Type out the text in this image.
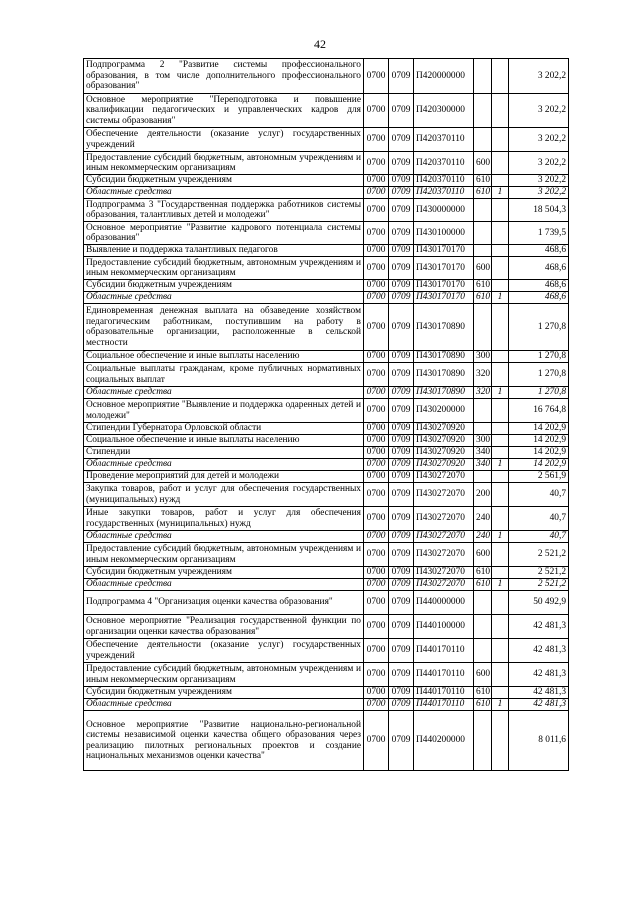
42
Подпрограмма 2 "Развитие системы профессионального образования, в том числе дополнительного профессионального образования"	0700	0709	П420000000			3 202,2
Основное мероприятие "Переподготовка и повышение квалификации педагогических и управленческих кадров для системы образования"	0700	0709	П420300000			3 202,2
Обеспечение деятельности (оказание услуг) государственных учреждений	0700	0709	П420370110			3 202,2
Предоставление субсидий бюджетным, автономным учреждениям и иным некоммерческим организациям	0700	0709	П420370110	600		3 202,2
Субсидии бюджетным учреждениям	0700	0709	П420370110	610		3 202,2
Областные средства	0700	0709	П420370110	610	1	3 202,2
Подпрограмма 3 "Государственная поддержка работников системы образования, талантливых детей и молодежи"	0700	0709	П430000000			18 504,3
Основное мероприятие "Развитие кадрового потенциала системы образования"	0700	0709	П430100000			1 739,5
Выявление и поддержка талантливых педагогов	0700	0709	П430170170			468,6
Предоставление субсидий бюджетным, автономным учреждениям и иным некоммерческим организациям	0700	0709	П430170170	600		468,6
Субсидии бюджетным учреждениям	0700	0709	П430170170	610		468,6
Областные средства	0700	0709	П430170170	610	1	468,6
Единовременная денежная выплата на обзаведение хозяйством педагогическим работникам, поступившим на работу в образовательные организации, расположенные в сельской местности	0700	0709	П430170890			1 270,8
Социальное обеспечение и иные выплаты населению	0700	0709	П430170890	300		1 270,8
Социальные выплаты гражданам, кроме публичных нормативных социальных выплат	0700	0709	П430170890	320		1 270,8
Областные средства	0700	0709	П430170890	320	1	1 270,8
Основное мероприятие "Выявление и поддержка одаренных детей и молодежи"	0700	0709	П430200000			16 764,8
Стипендии Губернатора Орловской области	0700	0709	П430270920			14 202,9
Социальное обеспечение и иные выплаты населению	0700	0709	П430270920	300		14 202,9
Стипендии	0700	0709	П430270920	340		14 202,9
Областные средства	0700	0709	П430270920	340	1	14 202,9
Проведение мероприятий для детей и молодежи	0700	0709	П430272070			2 561,9
Закупка товаров, работ и услуг для обеспечения государственных (муниципальных) нужд	0700	0709	П430272070	200		40,7
Иные закупки товаров, работ и услуг для обеспечения государственных (муниципальных) нужд	0700	0709	П430272070	240		40,7
Областные средства	0700	0709	П430272070	240	1	40,7
Предоставление субсидий бюджетным, автономным учреждениям и иным некоммерческим организациям	0700	0709	П430272070	600		2 521,2
Субсидии бюджетным учреждениям	0700	0709	П430272070	610		2 521,2
Областные средства	0700	0709	П430272070	610	1	2 521,2
Подпрограмма 4 "Организация оценки качества образования"	0700	0709	П440000000			50 492,9
Основное мероприятие "Реализация государственной функции по организации оценки качества образования"	0700	0709	П440100000			42 481,3
Обеспечение деятельности (оказание услуг) государственных учреждений	0700	0709	П440170110			42 481,3
Предоставление субсидий бюджетным, автономным учреждениям и иным некоммерческим организациям	0700	0709	П440170110	600		42 481,3
Субсидии бюджетным учреждениям	0700	0709	П440170110	610		42 481,3
Областные средства	0700	0709	П440170110	610	1	42 481,3
Основное мероприятие "Развитие национально-региональной системы независимой оценки качества общего образования через реализацию пилотных региональных проектов и создание национальных механизмов оценки качества"	0700	0709	П440200000			8 011,6
